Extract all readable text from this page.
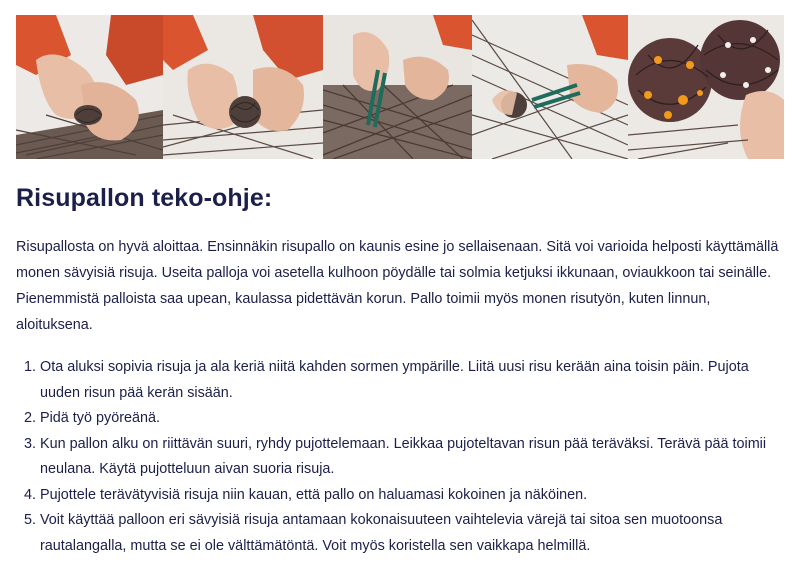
Risupallon teko-ohje:

Risupallosta on hyvä aloittaa. Ensinnäkin risupallo on kaunis esine jo sellaisenaan. Sitä voi varioida helposti käyttämällä monen sävyisiä risuja. Useita palloja voi asetella kulhoon pöydälle tai solmia ketjuksi ikkunaan, oviaukkoon tai seinälle. Pienemmistä palloista saa upean, kaulassa pidettävän korun. Pallo toimii myös monen risutyön, kuten linnun, aloituksena.

1. Ota aluksi sopivia risuja ja ala keriä niitä kahden sormen ympärille. Liitä uusi risu kerään aina toisin päin. Pujota uuden risun pää kerän sisään.
2. Pidä työ pyöreänä.
3. Kun pallon alku on riittävän suuri, ryhdy pujottelemaan. Leikkaa pujoteltavan risun pää teräväksi. Terävä pää toimii neulana. Käytä pujotteluun aivan suoria risuja.
4. Pujottele terävätyvisiä risuja niin kauan, että pallo on haluamasi kokoinen ja näköinen.
5. Voit käyttää palloon eri sävyisiä risuja antamaan kokonaisuuteen vaihtelevia värejä tai sitoa sen muotoonsa rautalangalla, mutta se ei ole välttämätöntä. Voit myös koristella sen vaikkapa helmillä.
